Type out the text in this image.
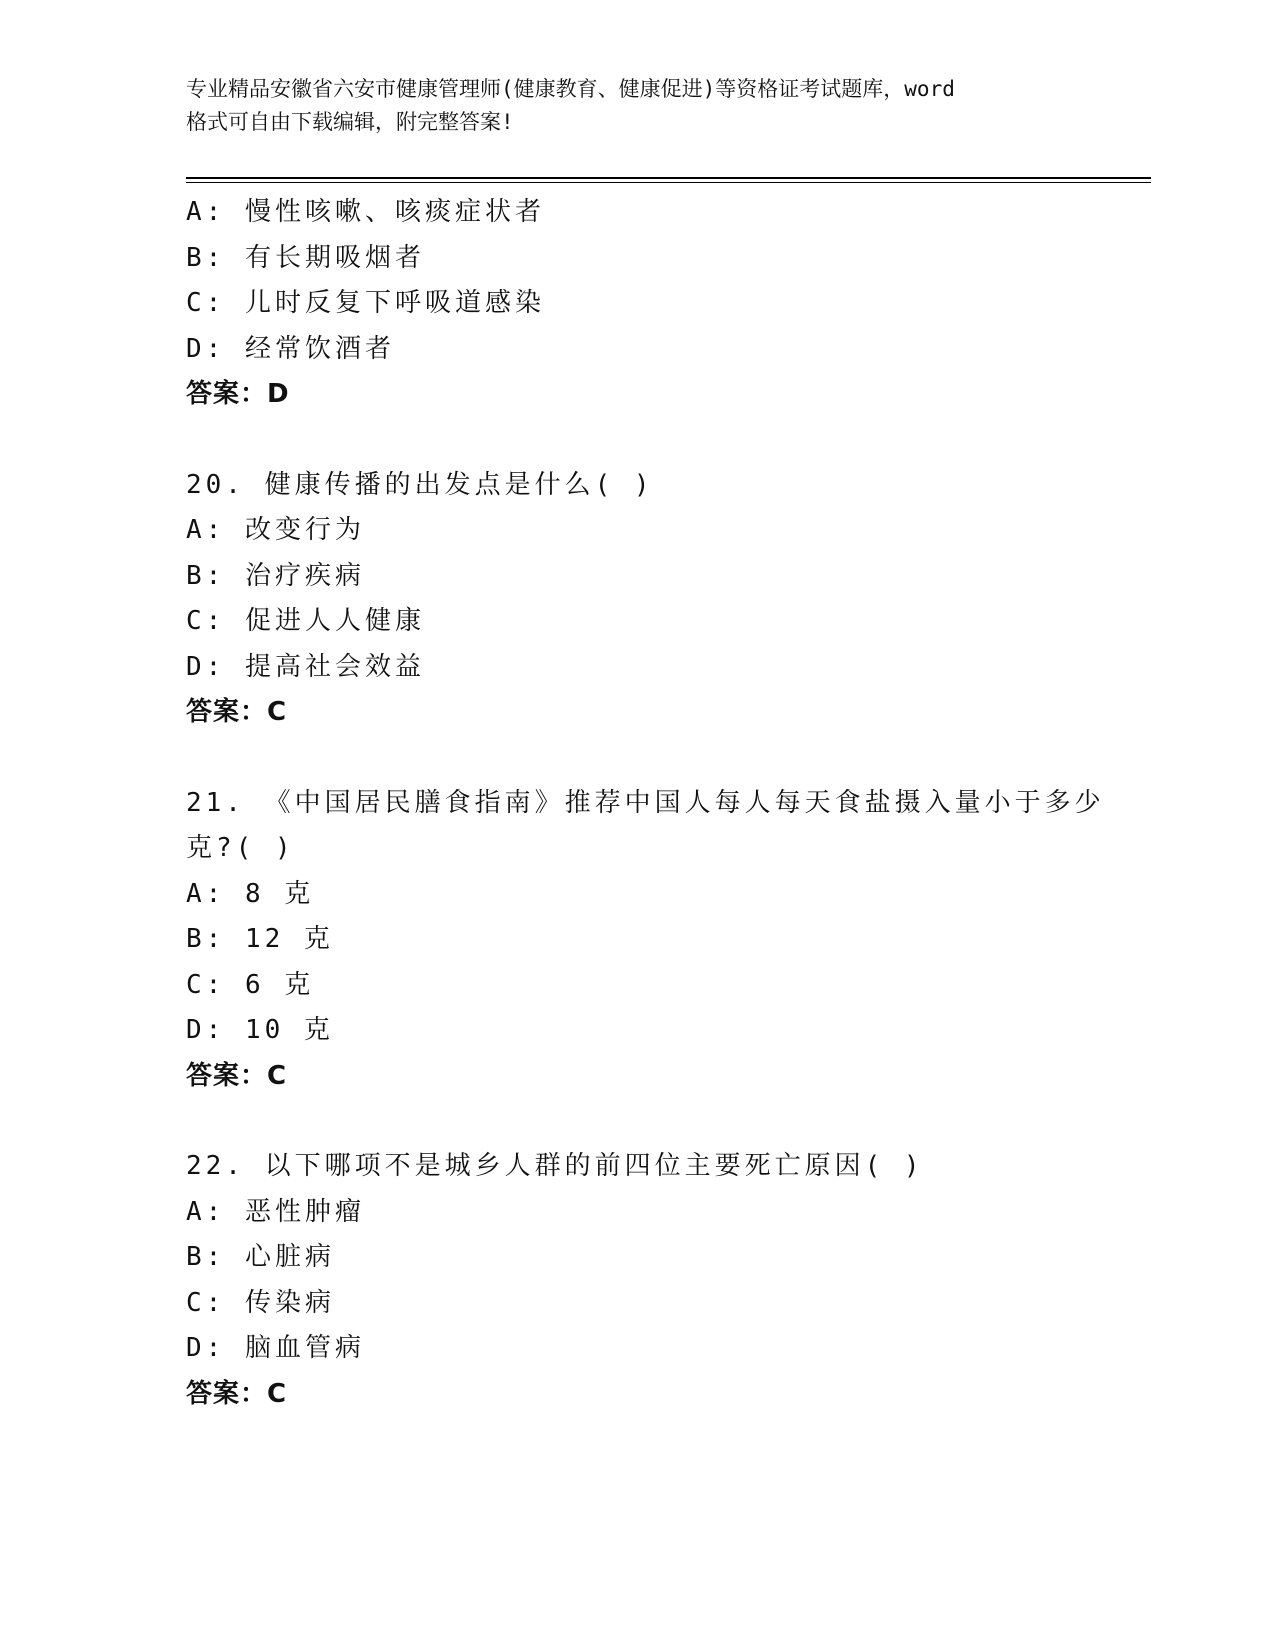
专业精品安徽省六安市健康管理师(健康教育、健康促进)等资格证考试题库，word
格式可自由下载编辑，附完整答案!
A: 慢性咳嗽、咳痰症状者
B: 有长期吸烟者
C: 儿时反复下呼吸道感染
D: 经常饮酒者
答案：D
20. 健康传播的出发点是什么( )
A: 改变行为
B: 治疗疾病
C: 促进人人健康
D: 提高社会效益
答案：C
21. 《中国居民膳食指南》推荐中国人每人每天食盐摄入量小于多少
克?( )
A: 8 克
B: 12 克
C: 6 克
D: 10 克
答案：C
22. 以下哪项不是城乡人群的前四位主要死亡原因( )
A: 恶性肿瘤
B: 心脏病
C: 传染病
D: 脑血管病
答案：C
